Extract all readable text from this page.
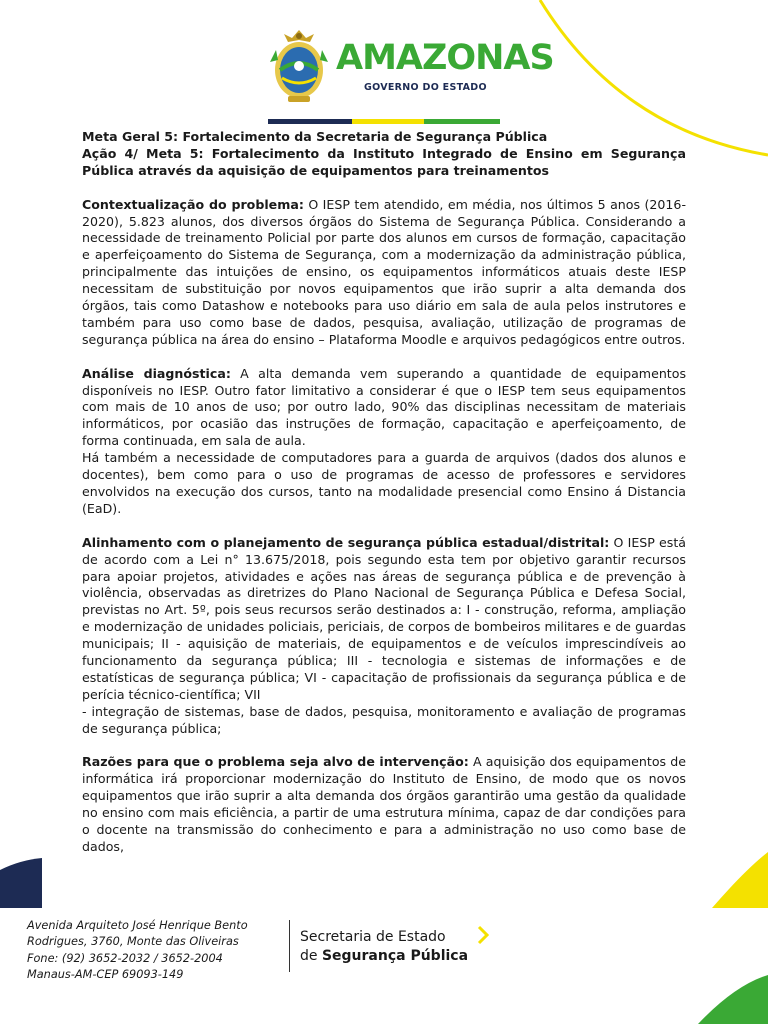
AMAZONAS
GOVERNO DO ESTADO

Meta Geral 5: Fortalecimento da Secretaria de Segurança Pública

Ação 4/ Meta 5: Fortalecimento da Instituto Integrado de Ensino em Segurança Pública através da aquisição de equipamentos para treinamentos

Contextualização do problema: O IESP tem atendido, em média, nos últimos 5 anos (2016-2020), 5.823 alunos, dos diversos órgãos do Sistema de Segurança Pública. Considerando a necessidade de treinamento Policial por parte dos alunos em cursos de formação, capacitação e aperfeiçoamento do Sistema de Segurança, com a modernização da administração pública, principalmente das intuições de ensino, os equipamentos informáticos atuais deste IESP necessitam de substituição por novos equipamentos que irão suprir a alta demanda dos órgãos, tais como Datashow e notebooks para uso diário em sala de aula pelos instrutores e também para uso como base de dados, pesquisa, avaliação, utilização de programas de segurança pública na área do ensino – Plataforma Moodle e arquivos pedagógicos entre outros.

Análise diagnóstica: A alta demanda vem superando a quantidade de equipamentos disponíveis no IESP. Outro fator limitativo a considerar é que o IESP tem seus equipamentos com mais de 10 anos de uso; por outro lado, 90% das disciplinas necessitam de materiais informáticos, por ocasião das instruções de formação, capacitação e aperfeiçoamento, de forma continuada, em sala de aula.

Há também a necessidade de computadores para a guarda de arquivos (dados dos alunos e docentes), bem como para o uso de programas de acesso de professores e servidores envolvidos na execução dos cursos, tanto na modalidade presencial como Ensino á Distancia (EaD).

Alinhamento com o planejamento de segurança pública estadual/distrital: O IESP está de acordo com a Lei n° 13.675/2018, pois segundo esta tem por objetivo garantir recursos para apoiar projetos, atividades e ações nas áreas de segurança pública e de prevenção à violência, observadas as diretrizes do Plano Nacional de Segurança Pública e Defesa Social, previstas no Art. 5º, pois seus recursos serão destinados a: I - construção, reforma, ampliação e modernização de unidades policiais, periciais, de corpos de bombeiros militares e de guardas municipais; II - aquisição de materiais, de equipamentos e de veículos imprescindíveis ao funcionamento da segurança pública; III - tecnologia e sistemas de informações e de estatísticas de segurança pública; VI - capacitação de profissionais da segurança pública e de perícia técnico-científica; VII

- integração de sistemas, base de dados, pesquisa, monitoramento e avaliação de programas de segurança pública;

Razões para que o problema seja alvo de intervenção: A aquisição dos equipamentos de informática irá proporcionar modernização do Instituto de Ensino, de modo que os novos equipamentos que irão suprir a alta demanda dos órgãos garantirão uma gestão da qualidade no ensino com mais eficiência, a partir de uma estrutura mínima, capaz de dar condições para o docente na transmissão do conhecimento e para a administração no uso como base de dados,

Avenida Arquiteto José Henrique Bento
Rodrigues, 3760, Monte das Oliveiras
Fone: (92) 3652-2032 / 3652-2004
Manaus-AM-CEP 69093-149
Secretaria de Estado
de Segurança Pública
